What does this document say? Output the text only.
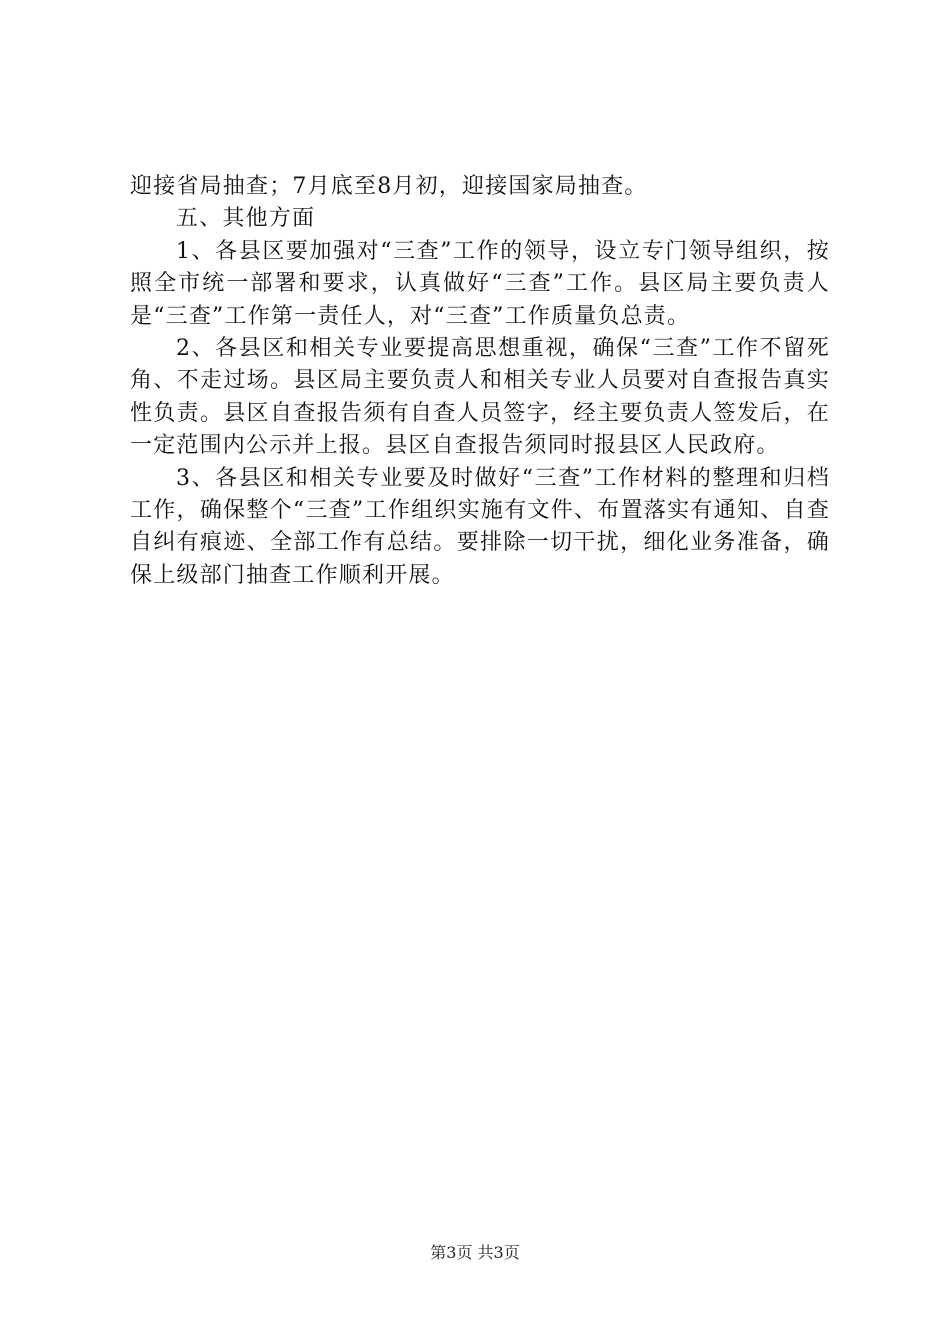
迎接省局抽查；7月底至8月初，迎接国家局抽查。

五、其他方面

1、各县区要加强对“三查”工作的领导，设立专门领导组织，按照全市统一部署和要求，认真做好“三查”工作。县区局主要负责人是“三查”工作第一责任人，对“三查”工作质量负总责。

2、各县区和相关专业要提高思想重视，确保“三查”工作不留死角、不走过场。县区局主要负责人和相关专业人员要对自查报告真实性负责。县区自查报告须有自查人员签字，经主要负责人签发后，在一定范围内公示并上报。县区自查报告须同时报县区人民政府。

3、各县区和相关专业要及时做好“三查”工作材料的整理和归档工作，确保整个“三查”工作组织实施有文件、布置落实有通知、自查自纠有痕迹、全部工作有总结。要排除一切干扰，细化业务准备，确保上级部门抽查工作顺利开展。

第3页 共3页
